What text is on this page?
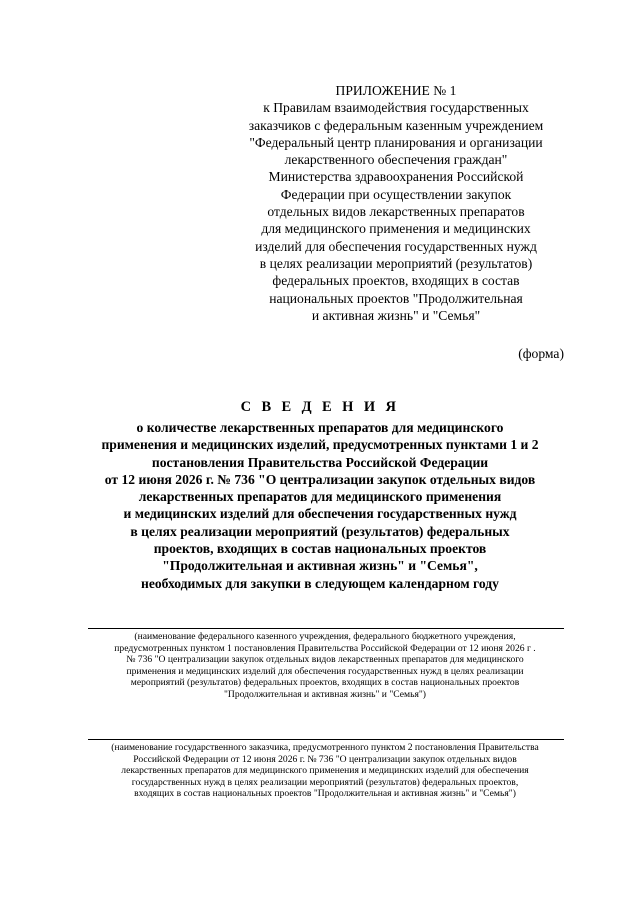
ПРИЛОЖЕНИЕ № 1
к Правилам взаимодействия государственных
заказчиков с федеральным казенным учреждением
"Федеральный центр планирования и организации
лекарственного обеспечения граждан"
Министерства здравоохранения Российской
Федерации при осуществлении закупок
отдельных видов лекарственных препаратов
для медицинского применения и медицинских
изделий для обеспечения государственных нужд
в целях реализации мероприятий (результатов)
федеральных проектов, входящих в состав
национальных проектов "Продолжительная
и активная жизнь" и "Семья"
(форма)
С В Е Д Е Н И Я
о количестве лекарственных препаратов для медицинского
применения и медицинских изделий, предусмотренных пунктами 1 и 2
постановления Правительства Российской Федерации
от 12 июня 2026 г. № 736 "О централизации закупок отдельных видов
лекарственных препаратов для медицинского применения
и медицинских изделий для обеспечения государственных нужд
в целях реализации мероприятий (результатов) федеральных
проектов, входящих в состав национальных проектов
"Продолжительная и активная жизнь" и "Семья",
необходимых для закупки в следующем календарном году
(наименование федерального казенного учреждения, федерального бюджетного учреждения,
предусмотренных пунктом 1 постановления Правительства Российской Федерации от 12 июня 2026 г .
№ 736 "О централизации закупок отдельных видов лекарственных препаратов для медицинского
применения и медицинских изделий для обеспечения государственных нужд в целях реализации
мероприятий (результатов) федеральных проектов, входящих в состав национальных проектов
"Продолжительная и активная жизнь" и "Семья")
(наименование государственного заказчика, предусмотренного пунктом 2 постановления Правительства
Российской Федерации от 12 июня 2026 г. № 736 "О централизации закупок отдельных видов
лекарственных препаратов для медицинского применения и медицинских изделий для обеспечения
государственных нужд в целях реализации мероприятий (результатов) федеральных проектов,
входящих в состав национальных проектов "Продолжительная и активная жизнь" и "Семья")
